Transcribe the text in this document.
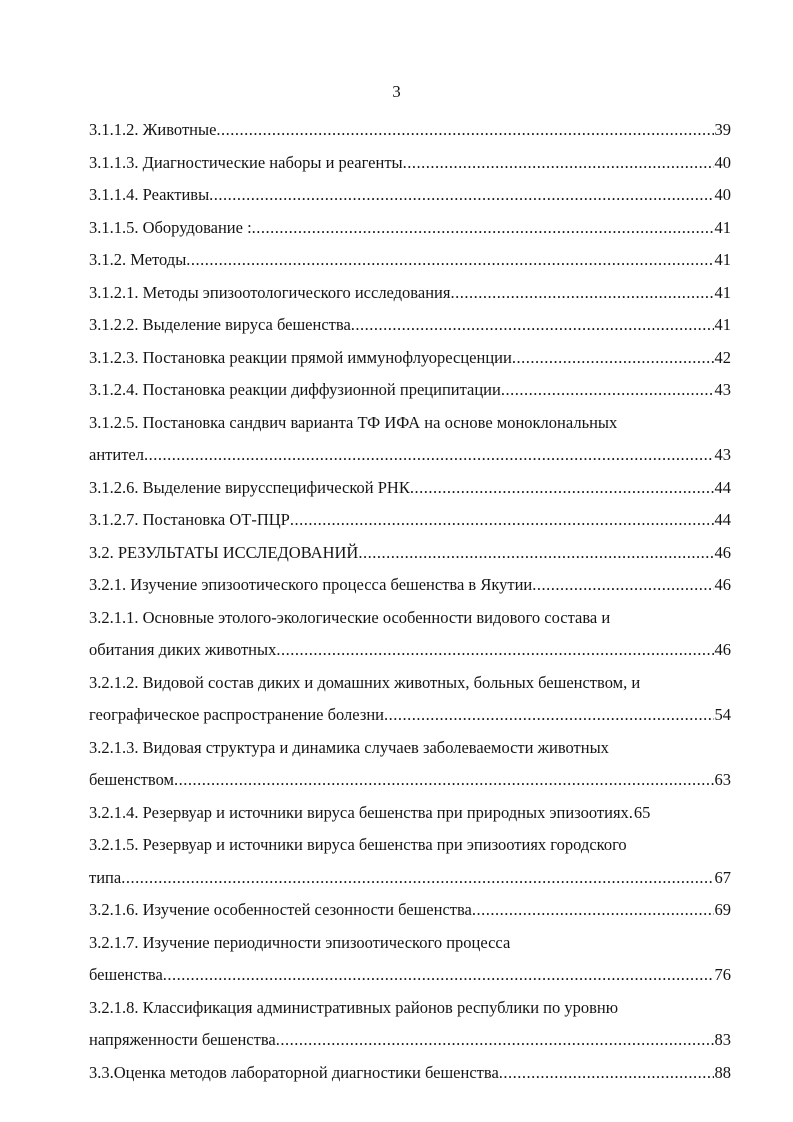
3
3.1.1.2. Животные .....	39
3.1.1.3. Диагностические наборы и реагенты .....	40
3.1.1.4. Реактивы .....	40
3.1.1.5. Оборудование : .....	41
3.1.2. Методы .....	41
3.1.2.1. Методы эпизоотологического исследования .....	41
3.1.2.2. Выделение вируса бешенства .....	41
3.1.2.3. Постановка реакции прямой иммунофлуоресценции .....	42
3.1.2.4. Постановка реакции диффузионной преципитации .....	43
3.1.2.5. Постановка сандвич варианта ТФ ИФА на основе моноклональных
антител .....	43
3.1.2.6. Выделение вирусспецифической РНК .....	44
3.1.2.7. Постановка ОТ-ПЦР .....	44
3.2. РЕЗУЛЬТАТЫ ИССЛЕДОВАНИЙ .....	46
3.2.1. Изучение эпизоотического процесса бешенства в Якутии .....	46
3.2.1.1. Основные этолого-экологические особенности видового состава и
обитания диких животных .....	46
3.2.1.2. Видовой состав диких и домашних животных, больных бешенством, и
географическое распространение болезни .....	54
3.2.1.3. Видовая структура и динамика случаев заболеваемости животных
бешенством .....	63
3.2.1.4. Резервуар и источники вируса бешенства при природных эпизоотиях. 65
3.2.1.5. Резервуар и источники вируса бешенства при эпизоотиях городского
типа .....	67
3.2.1.6. Изучение особенностей сезонности бешенства .....	69
3.2.1.7. Изучение периодичности эпизоотического процесса
бешенства .....	76
3.2.1.8. Классификация административных районов республики по уровню
напряженности бешенства .....	83
3.3.Оценка методов лабораторной диагностики бешенства .....	88
